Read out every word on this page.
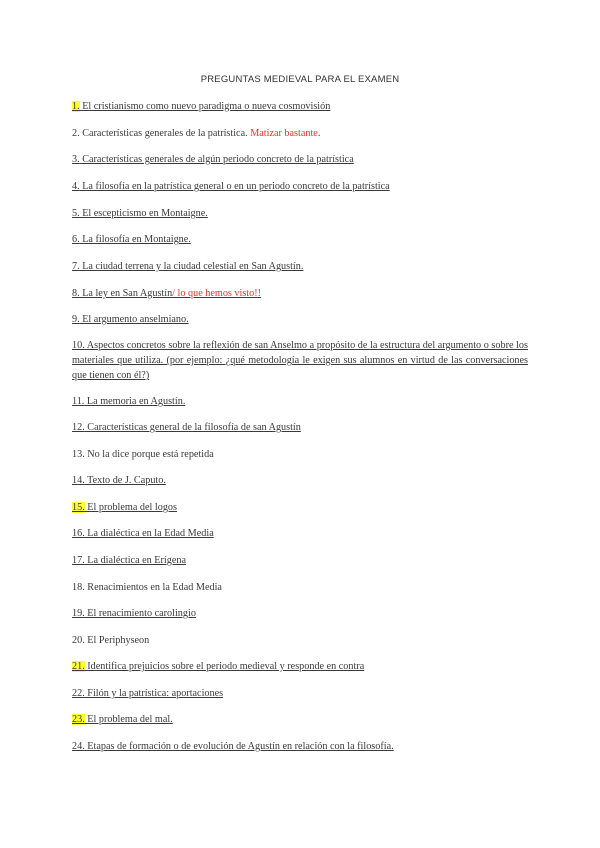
PREGUNTAS MEDIEVAL PARA EL EXAMEN
1. El cristianismo como nuevo paradigma o nueva cosmovisión
2. Características generales de la patrística. Matizar bastante.
3. Características generales de algún periodo concreto de la patrística
4. La filosofía en la patrística general o en un periodo concreto de la patrística
5. El escepticismo en Montaigne.
6. La filosofía en Montaigne.
7. La ciudad terrena y la ciudad celestial en San Agustín.
8. La ley en San Agustín/ lo que hemos visto!!
9. El argumento anselmiano.
10. Aspectos concretos sobre la reflexión de san Anselmo a propósito de la estructura del argumento o sobre los materiales que utiliza. (por ejemplo: ¿qué metodología le exigen sus alumnos en virtud de las conversaciones que tienen con él?)
11. La memoria en Agustín.
12. Características general de la filosofía de san Agustín
13. No la dice porque está repetida
14. Texto de J. Caputo.
15. El problema del logos
16. La dialéctica en la Edad Media
17. La dialéctica en Erígena
18. Renacimientos en la Edad Media
19. El renacimiento carolingio
20. El Periphyseon
21. Identifica prejuicios sobre el periodo medieval y responde en contra
22. Filón y la patrística: aportaciones
23. El problema del mal.
24. Etapas de formación o de evolución de Agustín en relación con la filosofía.
